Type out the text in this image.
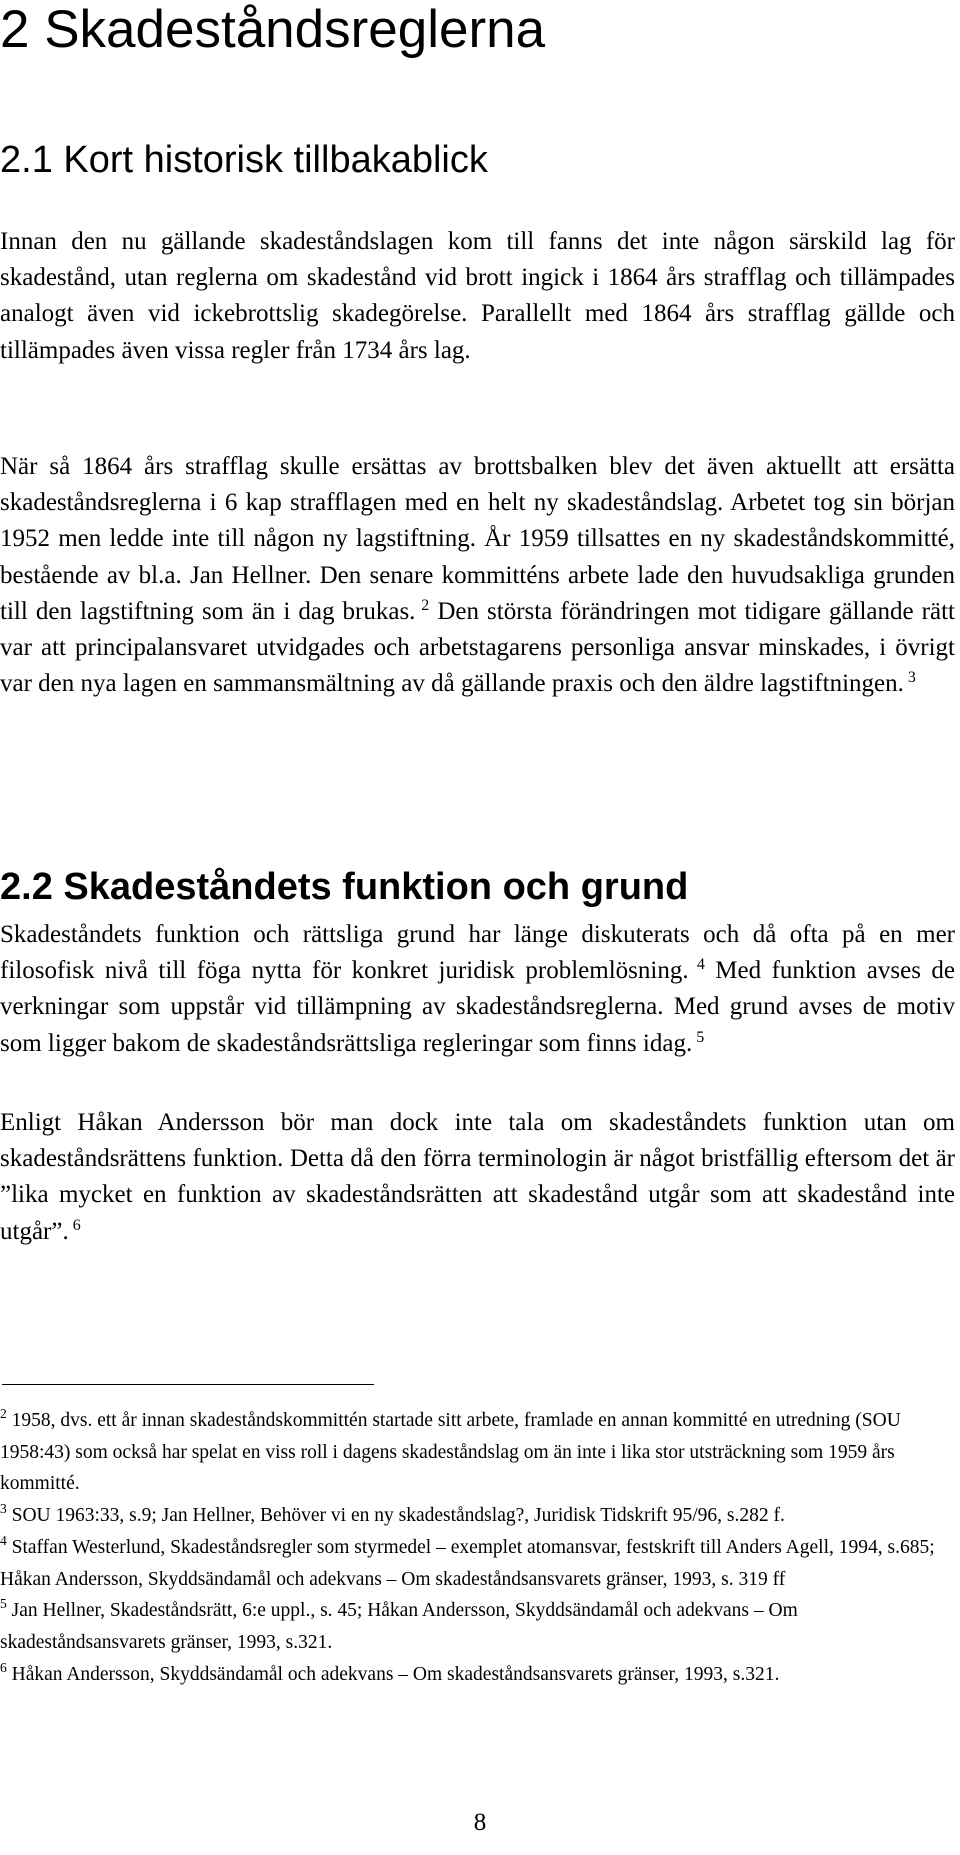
2 Skadeståndsreglerna
2.1 Kort historisk tillbakablick

Innan den nu gällande skadeståndslagen kom till fanns det inte någon särskild lag för skadestånd, utan reglerna om skadestånd vid brott ingick i 1864 års strafflag och tillämpades analogt även vid ickebrottslig skadegörelse. Parallellt med 1864 års strafflag gällde och tillämpades även vissa regler från 1734 års lag.

När så 1864 års strafflag skulle ersättas av brottsbalken blev det även aktuellt att ersätta skadeståndsreglerna i 6 kap strafflagen med en helt ny skadeståndslag. Arbetet tog sin början 1952 men ledde inte till någon ny lagstiftning. År 1959 tillsattes en ny skadeståndskommitté, bestående av bl.a. Jan Hellner. Den senare kommitténs arbete lade den huvudsakliga grunden till den lagstiftning som än i dag brukas. $^2$ Den största förändringen mot tidigare gällande rätt var att principalansvaret utvidgades och arbetstagarens personliga ansvar minskades, i övrigt var den nya lagen en sammansmältning av då gällande praxis och den äldre lagstiftningen. $^3$

2.2 Skadeståndets funktion och grund

Skadeståndets funktion och rättsliga grund har länge diskuterats och då ofta på en mer filosofisk nivå till föga nytta för konkret juridisk problemlösning. $^4$ Med funktion avses de verkningar som uppstår vid tillämpning av skadeståndsreglerna. Med grund avses de motiv som ligger bakom de skadeståndsrättsliga regleringar som finns idag. $^5$

Enligt Håkan Andersson bör man dock inte tala om skadeståndets funktion utan om skadeståndsrättens funktion. Detta då den förra terminologin är något bristfällig eftersom det är ”lika mycket en funktion av skadeståndsrätten att skadestånd utgår som att skadestånd inte utgår”. $^6$

$^2$ 1958, dvs. ett år innan skadeståndskommittén startade sitt arbete, framlade en annan kommitté en utredning (SOU 1958:43) som också har spelat en viss roll i dagens skadeståndslag om än inte i lika stor utsträckning som 1959 års kommitté.

$^3$ SOU 1963:33, s.9; Jan Hellner, Behöver vi en ny skadeståndslag?, Juridisk Tidskrift 95/96, s.282 f.

$^4$ Staffan Westerlund, Skadeståndsregler som styrmedel – exemplet atomansvar, festskrift till Anders Agell, 1994, s.685; Håkan Andersson, Skyddsändamål och adekvans – Om skadeståndsansvarets gränser, 1993, s. 319 ff

$^5$ Jan Hellner, Skadeståndsrätt, 6:e uppl., s. 45; Håkan Andersson, Skyddsändamål och adekvans – Om skadeståndsansvarets gränser, 1993, s.321.

$^6$ Håkan Andersson, Skyddsändamål och adekvans – Om skadeståndsansvarets gränser, 1993, s.321.

8
